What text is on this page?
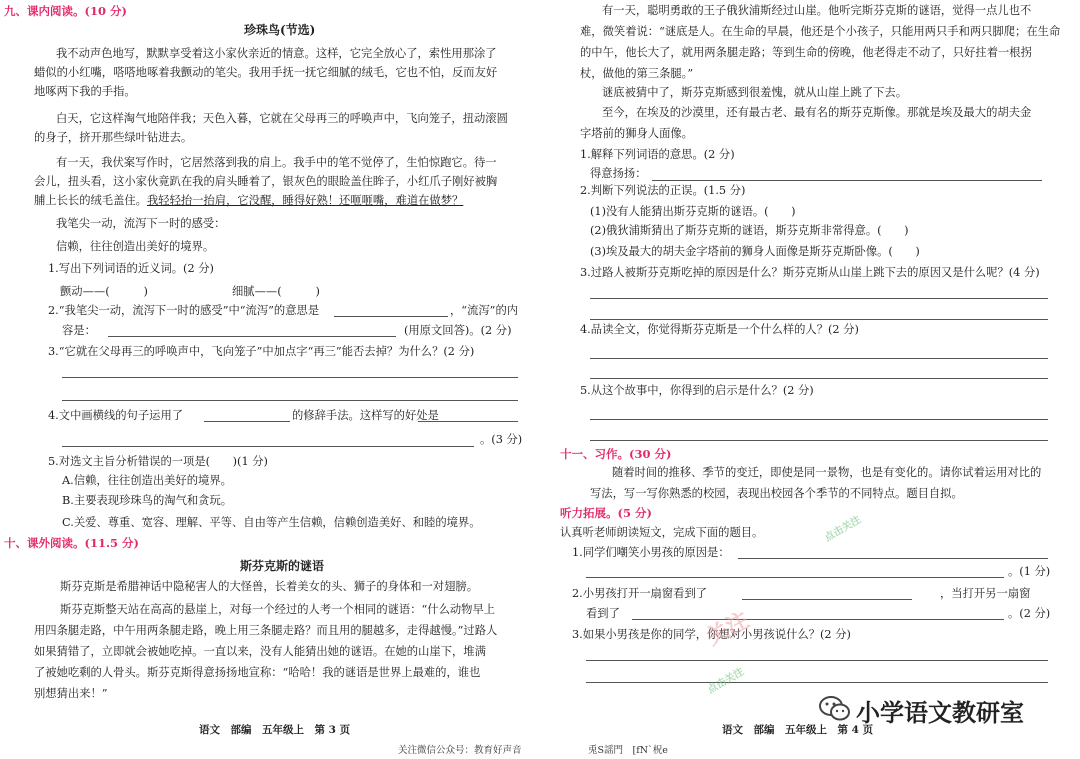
九、课内阅读。(10 分)
珍珠鸟(节选)
我不动声色地写，默默享受着这小家伙亲近的情意。这样，它完全放心了，索性用那涂了
蜡似的小红嘴，嗒嗒地啄着我颤动的笔尖。我用手抚一抚它细腻的绒毛，它也不怕，反而友好
地啄两下我的手指。
白天，它这样淘气地陪伴我；天色入暮，它就在父母再三的呼唤声中，飞向笼子，扭动滚圆
的身子，挤开那些绿叶钻进去。
有一天，我伏案写作时，它居然落到我的肩上。我手中的笔不觉停了，生怕惊跑它。待一
会儿，扭头看，这小家伙竟趴在我的肩头睡着了，银灰色的眼睑盖住眸子，小红爪子刚好被胸
脯上长长的绒毛盖住。我轻轻抬一抬肩，它没醒，睡得好熟！还咂咂嘴，难道在做梦？
我笔尖一动，流泻下一时的感受：
信赖，往往创造出美好的境界。
1.写出下列词语的近义词。(2 分)
颤动——(　　　)	细腻——(　　　)
2.“我笔尖一动，流泻下一时的感受”中“流泻”的意思是	，“流泻”的内
容是：	(用原文回答)。(2 分)
3.“它就在父母再三的呼唤声中，飞向笼子”中加点字“再三”能否去掉？为什么？(2 分)
4.文中画横线的句子运用了	的修辞手法。这样写的好处是
。(3 分)
5.对选文主旨分析错误的一项是(　　)(1 分)
A.信赖，往往创造出美好的境界。
B.主要表现珍珠鸟的淘气和贪玩。
C.关爱、尊重、宽容、理解、平等、自由等产生信赖，信赖创造美好、和睦的境界。
十、课外阅读。(11.5 分)
斯芬克斯的谜语
斯芬克斯是希腊神话中隐秘害人的大怪兽，长着美女的头、狮子的身体和一对翅膀。
斯芬克斯整天站在高高的悬崖上，对每一个经过的人考一个相同的谜语：“什么动物早上
用四条腿走路，中午用两条腿走路，晚上用三条腿走路？而且用的腿越多，走得越慢。”过路人
如果猜错了，立即就会被她吃掉。一直以来，没有人能猜出她的谜语。在她的山崖下，堆满
了被她吃剩的人骨头。斯芬克斯得意扬扬地宣称：“哈哈！我的谜语是世界上最难的，谁也
别想猜出来！”
语文　部编　五年级上　第 3 页
有一天，聪明勇敢的王子俄狄浦斯经过山崖。他听完斯芬克斯的谜语，觉得一点儿也不
难，微笑着说：“谜底是人。在生命的早晨，他还是个小孩子，只能用两只手和两只脚爬；在生命
的中午，他长大了，就用两条腿走路；等到生命的傍晚，他老得走不动了，只好拄着一根拐
杖，做他的第三条腿。”
谜底被猜中了，斯芬克斯感到很羞愧，就从山崖上跳了下去。
至今，在埃及的沙漠里，还有最古老、最有名的斯芬克斯像。那就是埃及最大的胡夫金
字塔前的狮身人面像。
1.解释下列词语的意思。(2 分)
得意扬扬：
2.判断下列说法的正误。(1.5 分)
(1)没有人能猜出斯芬克斯的谜语。(　　)
(2)俄狄浦斯猜出了斯芬克斯的谜语，斯芬克斯非常得意。(　　)
(3)埃及最大的胡夫金字塔前的狮身人面像是斯芬克斯卧像。(　　)
3.过路人被斯芬克斯吃掉的原因是什么？斯芬克斯从山崖上跳下去的原因又是什么呢？(4 分)
4.品读全文，你觉得斯芬克斯是一个什么样的人？(2 分)
5.从这个故事中，你得到的启示是什么？(2 分)
十一、习作。(30 分)
随着时间的推移、季节的变迁，即使是同一景物，也是有变化的。请你试着运用对比的
写法，写一写你熟悉的校园，表现出校园各个季节的不同特点。题目自拟。
听力拓展。(5 分)
认真听老师朗读短文，完成下面的题目。
1.同学们嘲笑小男孩的原因是：
。(1 分)
2.小男孩打开一扇窗看到了	，当打开另一扇窗
看到了	。(2 分)
3.如果小男孩是你的同学，你想对小男孩说什么？(2 分)
语文　部编　五年级上　第 4 页
关注
点击关注
点击关注
小学语文教研室
关注微信公众号：教育好声音	兎S謡門　[fN`柷e
